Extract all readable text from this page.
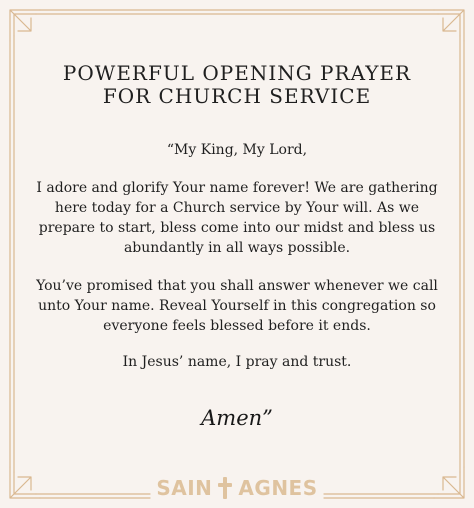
POWERFUL OPENING PRAYER FOR CHURCH SERVICE

“My King, My Lord,

I adore and glorify Your name forever! We are gathering

here today for a Church service by Your will. As we

prepare to start, bless come into our midst and bless us

abundantly in all ways possible.

You’ve promised that you shall answer whenever we call

unto Your name. Reveal Yourself in this congregation so

everyone feels blessed before it ends.

In Jesus’ name, I pray and trust.

Amen”
SAIN AGNES
